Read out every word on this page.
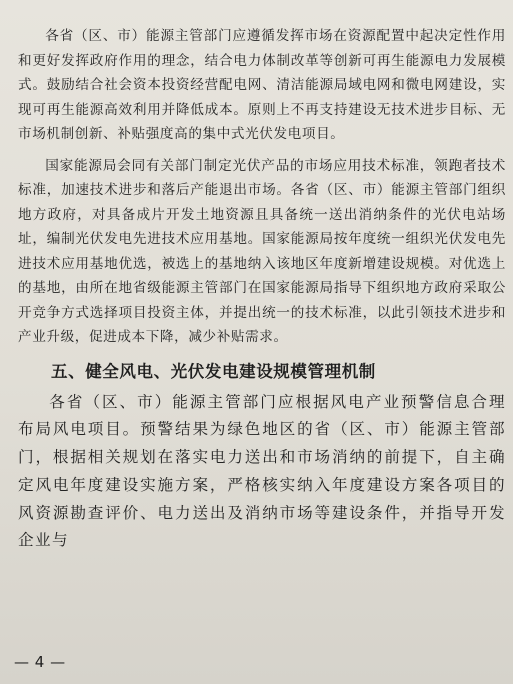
各省（区、市）能源主管部门应遵循发挥市场在资源配置中起决定性作用和更好发挥政府作用的理念，结合电力体制改革等创新可再生能源电力发展模式。鼓励结合社会资本投资经营配电网、清洁能源局域电网和微电网建设，实现可再生能源高效利用并降低成本。原则上不再支持建设无技术进步目标、无市场机制创新、补贴强度高的集中式光伏发电项目。

国家能源局会同有关部门制定光伏产品的市场应用技术标准，领跑者技术标准，加速技术进步和落后产能退出市场。各省（区、市）能源主管部门组织地方政府，对具备成片开发土地资源且具备统一送出消纳条件的光伏电站场址，编制光伏发电先进技术应用基地。国家能源局按年度统一组织光伏发电先进技术应用基地优选，被选上的基地纳入该地区年度新增建设规模。对优选上的基地，由所在地省级能源主管部门在国家能源局指导下组织地方政府采取公开竞争方式选择项目投资主体，并提出统一的技术标准，以此引领技术进步和产业升级，促进成本下降，减少补贴需求。

五、健全风电、光伏发电建设规模管理机制

各省（区、市）能源主管部门应根据风电产业预警信息合理布局风电项目。预警结果为绿色地区的省（区、市）能源主管部门，根据相关规划在落实电力送出和市场消纳的前提下，自主确定风电年度建设实施方案，严格核实纳入年度建设方案各项目的风资源勘查评价、电力送出及消纳市场等建设条件，并指导开发企业与

— 4 —
